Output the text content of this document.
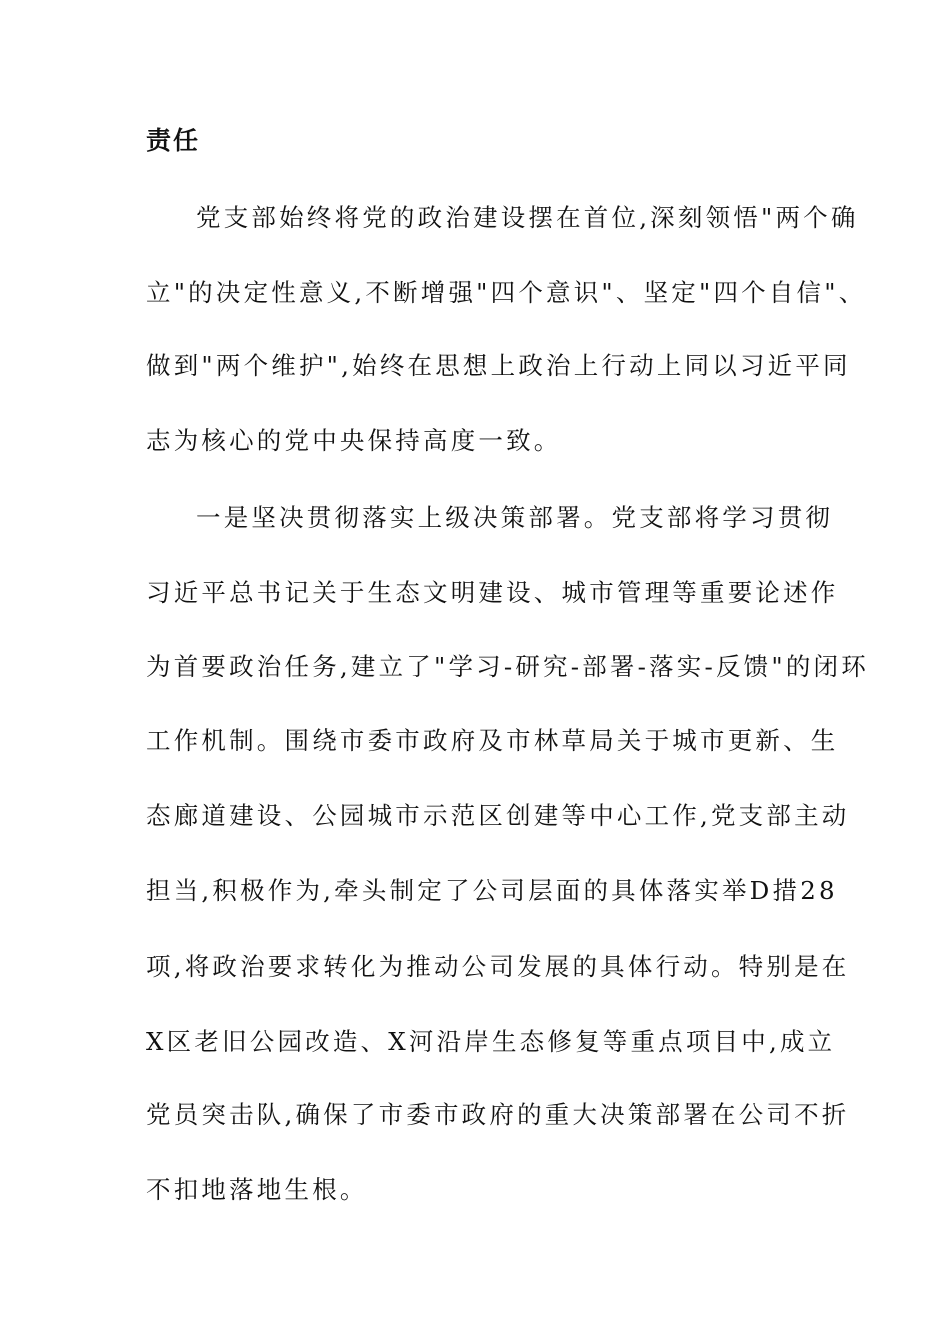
责任
党支部始终将党的政治建设摆在首位,深刻领悟"两个确
立"的决定性意义,不断增强"四个意识"、坚定"四个自信"、
做到"两个维护",始终在思想上政治上行动上同以习近平同
志为核心的党中央保持高度一致。
一是坚决贯彻落实上级决策部署。党支部将学习贯彻
习近平总书记关于生态文明建设、城市管理等重要论述作
为首要政治任务,建立了"学习-研究-部署-落实-反馈"的闭环
工作机制。围绕市委市政府及市林草局关于城市更新、生
态廊道建设、公园城市示范区创建等中心工作,党支部主动
担当,积极作为,牵头制定了公司层面的具体落实举D措28
项,将政治要求转化为推动公司发展的具体行动。特别是在
X区老旧公园改造、X河沿岸生态修复等重点项目中,成立
党员突击队,确保了市委市政府的重大决策部署在公司不折
不扣地落地生根。
